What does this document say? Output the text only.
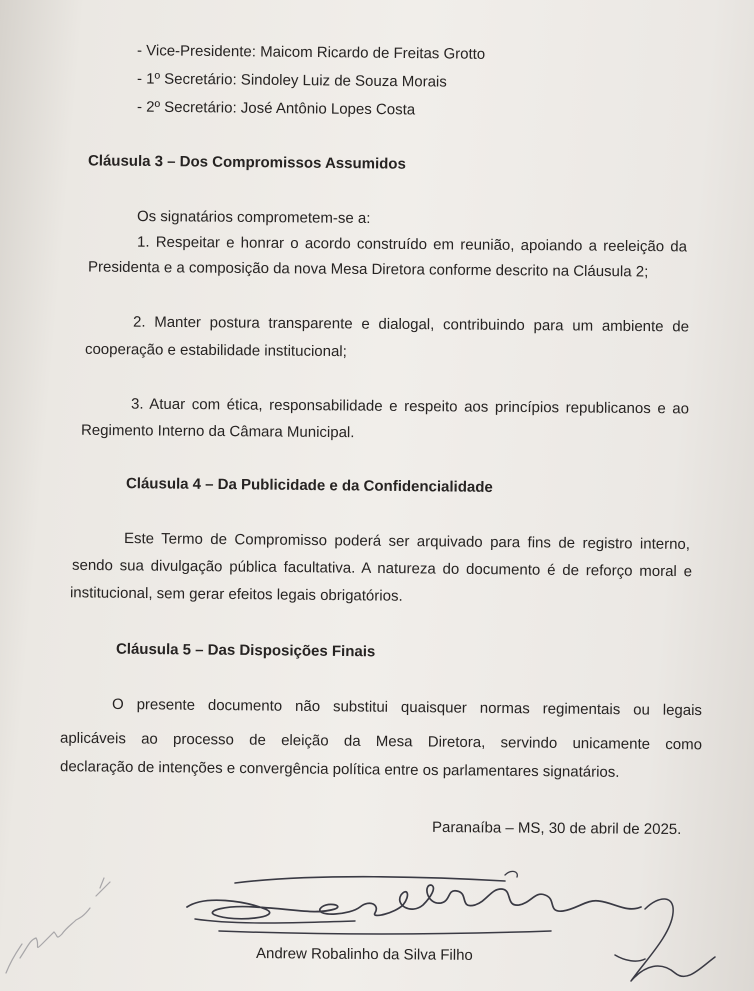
- Vice-Presidente: Maicom Ricardo de Freitas Grotto
- 1º Secretário: Sindoley Luiz de Souza Morais
- 2º Secretário: José Antônio Lopes Costa
Cláusula 3 – Dos Compromissos Assumidos
Os signatários comprometem-se a:
1. Respeitar e honrar o acordo construído em reunião, apoiando a reeleição da
Presidenta e a composição da nova Mesa Diretora conforme descrito na Cláusula 2;
2. Manter postura transparente e dialogal, contribuindo para um ambiente de
cooperação e estabilidade institucional;
3. Atuar com ética, responsabilidade e respeito aos princípios republicanos e ao
Regimento Interno da Câmara Municipal.
Cláusula 4 – Da Publicidade e da Confidencialidade
Este Termo de Compromisso poderá ser arquivado para fins de registro interno,
sendo sua divulgação pública facultativa. A natureza do documento é de reforço moral e
institucional, sem gerar efeitos legais obrigatórios.
Cláusula 5 – Das Disposições Finais
O presente documento não substitui quaisquer normas regimentais ou legais
aplicáveis ao processo de eleição da Mesa Diretora, servindo unicamente como
declaração de intenções e convergência política entre os parlamentares signatários.
Paranaíba – MS, 30 de abril de 2025.
Andrew Robalinho da Silva Filho
